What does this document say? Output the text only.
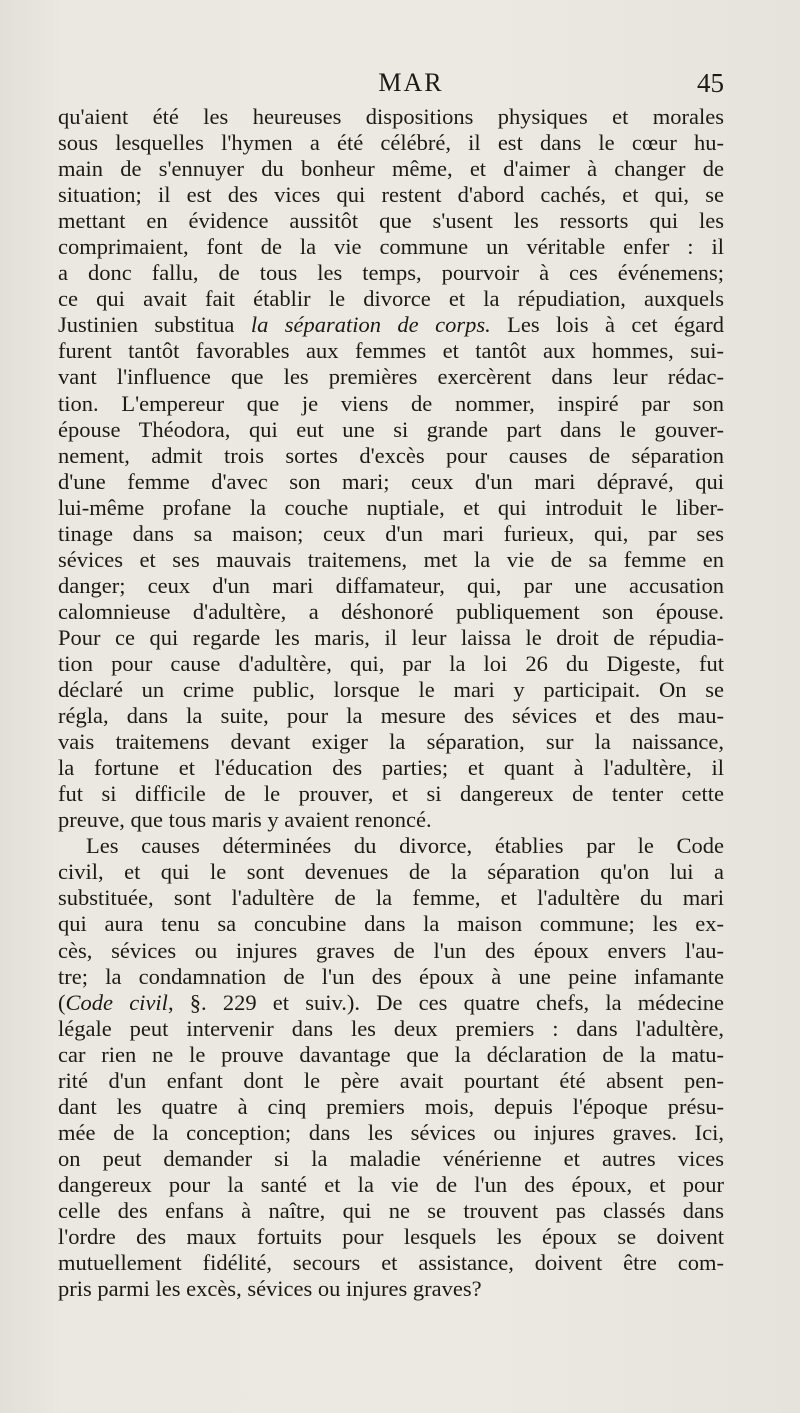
MAR	45
qu'aient été les heureuses dispositions physiques et morales
sous lesquelles l'hymen a été célébré, il est dans le cœur hu-
main de s'ennuyer du bonheur même, et d'aimer à changer de
situation; il est des vices qui restent d'abord cachés, et qui, se
mettant en évidence aussitôt que s'usent les ressorts qui les
comprimaient, font de la vie commune un véritable enfer : il
a donc fallu, de tous les temps, pourvoir à ces événemens;
ce qui avait fait établir le divorce et la répudiation, auxquels
Justinien substitua la séparation de corps. Les lois à cet égard
furent tantôt favorables aux femmes et tantôt aux hommes, sui-
vant l'influence que les premières exercèrent dans leur rédac-
tion. L'empereur que je viens de nommer, inspiré par son
épouse Théodora, qui eut une si grande part dans le gouver-
nement, admit trois sortes d'excès pour causes de séparation
d'une femme d'avec son mari; ceux d'un mari dépravé, qui
lui-même profane la couche nuptiale, et qui introduit le liber-
tinage dans sa maison; ceux d'un mari furieux, qui, par ses
sévices et ses mauvais traitemens, met la vie de sa femme en
danger; ceux d'un mari diffamateur, qui, par une accusation
calomnieuse d'adultère, a déshonoré publiquement son épouse.
Pour ce qui regarde les maris, il leur laissa le droit de répudia-
tion pour cause d'adultère, qui, par la loi 26 du Digeste, fut
déclaré un crime public, lorsque le mari y participait. On se
régla, dans la suite, pour la mesure des sévices et des mau-
vais traitemens devant exiger la séparation, sur la naissance,
la fortune et l'éducation des parties; et quant à l'adultère, il
fut si difficile de le prouver, et si dangereux de tenter cette
preuve, que tous maris y avaient renoncé.
Les causes déterminées du divorce, établies par le Code
civil, et qui le sont devenues de la séparation qu'on lui a
substituée, sont l'adultère de la femme, et l'adultère du mari
qui aura tenu sa concubine dans la maison commune; les ex-
cès, sévices ou injures graves de l'un des époux envers l'au-
tre; la condamnation de l'un des époux à une peine infamante
(Code civil, §. 229 et suiv.). De ces quatre chefs, la médecine
légale peut intervenir dans les deux premiers : dans l'adultère,
car rien ne le prouve davantage que la déclaration de la matu-
rité d'un enfant dont le père avait pourtant été absent pen-
dant les quatre à cinq premiers mois, depuis l'époque présu-
mée de la conception; dans les sévices ou injures graves. Ici,
on peut demander si la maladie vénérienne et autres vices
dangereux pour la santé et la vie de l'un des époux, et pour
celle des enfans à naître, qui ne se trouvent pas classés dans
l'ordre des maux fortuits pour lesquels les époux se doivent
mutuellement fidélité, secours et assistance, doivent être com-
pris parmi les excès, sévices ou injures graves?
